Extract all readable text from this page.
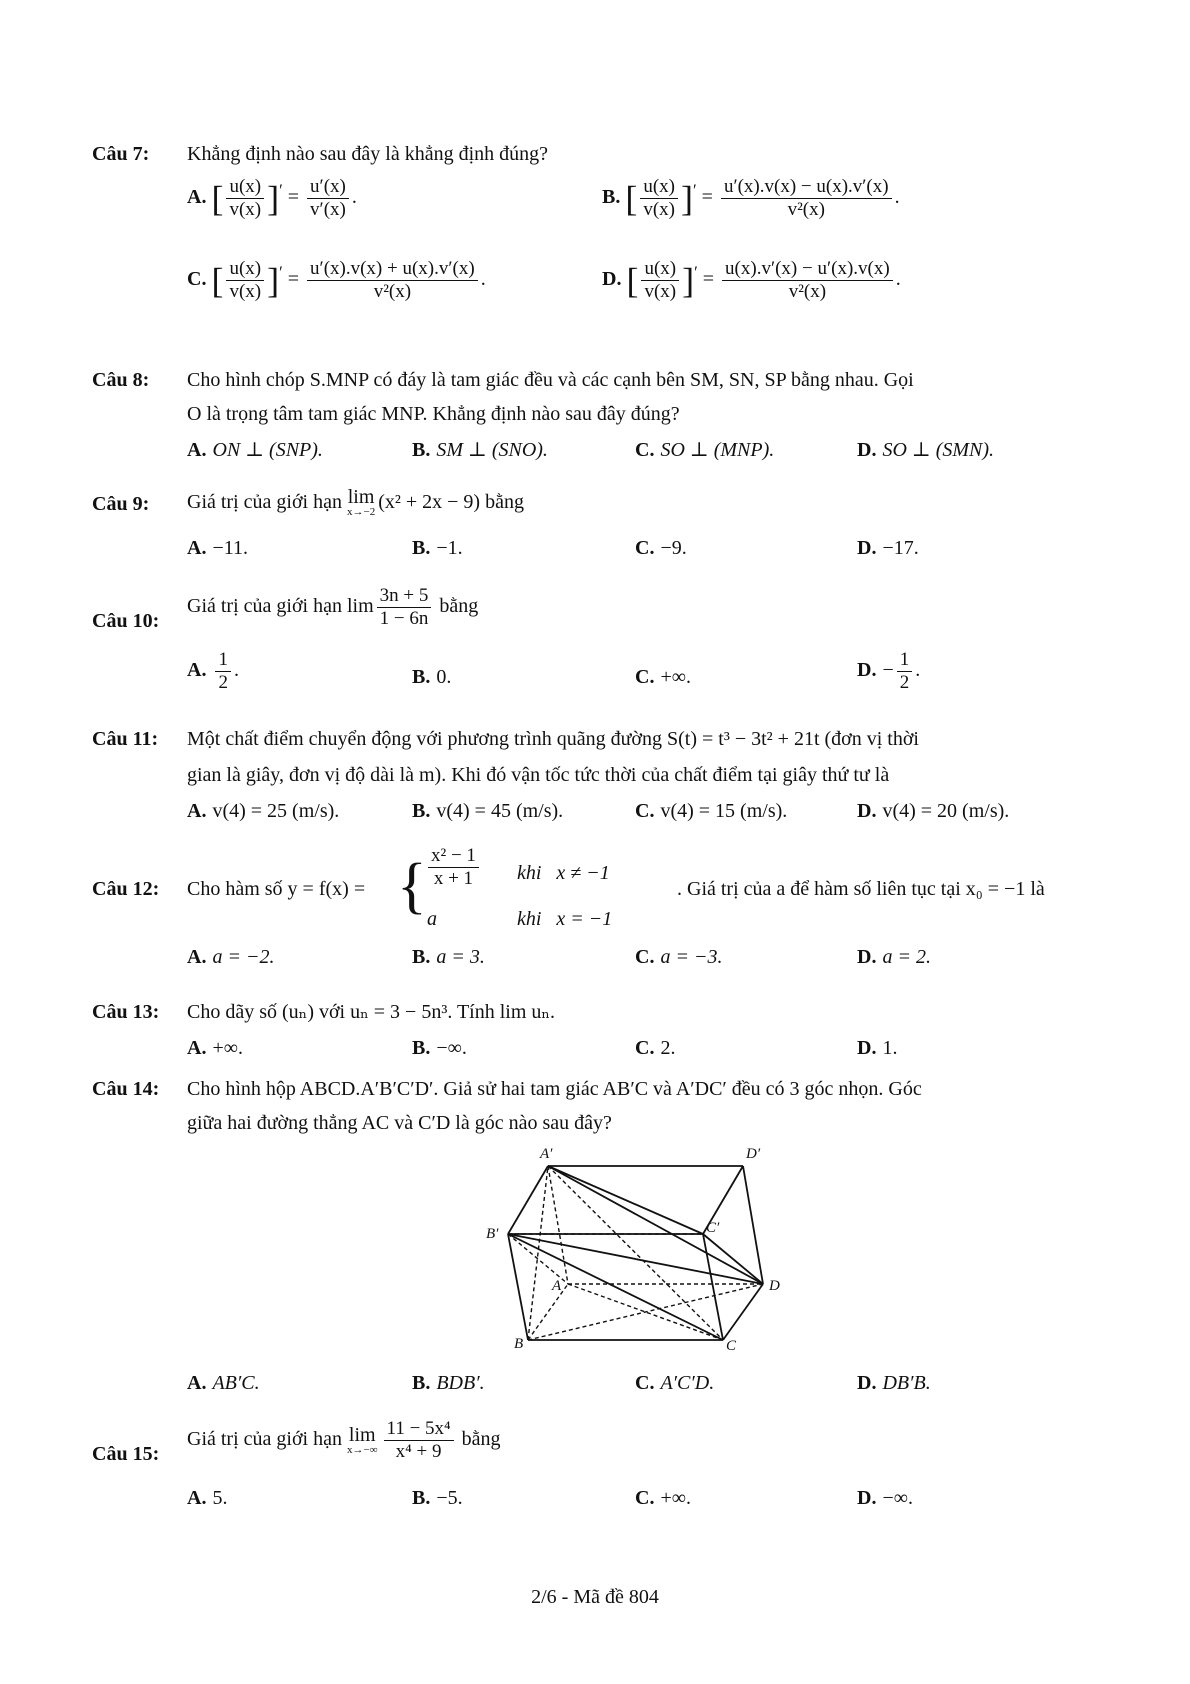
Câu 7: Khẳng định nào sau đây là khẳng định đúng?
A. [ $\frac{u(x)}{v(x)} ]' = \frac{u'(x)}{v'(x)}$ .	B. [ $\frac{u(x)}{v(x)} ]' = \frac{u'(x).v(x) - u(x).v'(x)}{\text{v²(x)}}$ .
C. [ $\frac{u(x)}{v(x)} ]' = \frac{u'(x).v(x) + u(x).v'(x)}{\text{v²(x)}}$ .	D. [ $\frac{u(x)}{v(x)} ]' = \frac{u(x).v'(x) - u'(x).v(x)}{\text{v²(x)}}$ .
Câu 8: Cho hình chóp S.MNP có đáy là tam giác đều và các cạnh bên SM, SN, SP bằng nhau. Gọi
O là trọng tâm tam giác MNP. Khẳng định nào sau đây đúng?
A. ON ⊥ (SNP).	B. SM ⊥ (SNO).	C. SO ⊥ (MNP).	D. SO ⊥ (SMN).
Câu 9: Giá trị của giới hạn lim
x→−2 (x² + 2x − 9) bằng
A. −11.	B. −1.	C. −9.	D. −17.
Câu 10:
Giá trị của giới hạn $\lim \frac{3n + 5}{1 - 6n}$ bằng
A. $\frac{1}{2}$ .	B. 0.	C. +∞.	D. − $\frac{1}{2}$ .
Câu 11: Một chất điểm chuyển động với phương trình quãng đường S(t) = t³ − 3t² + 21t (đơn vị thời
gian là giây, đơn vị độ dài là m). Khi đó vận tốc tức thời của chất điểm tại giây thứ tư là
A. v(4) = 25 (m/s).	B. v(4) = 45 (m/s).	C. v(4) = 15 (m/s).	D. v(4) = 20 (m/s).
Câu 12: Cho hàm số y = f(x) = { $\frac{\text{x² − 1}}{x + 1}$ khi   x ≠ −1
a	khi   x = −1
. Giá trị của a để hàm số liên tục tại x₀ = −1 là
A. a = −2.	B. a = 3.	C. a = −3.	D. a = 2.
Câu 13: Cho dãy số (uₙ) với uₙ = 3 − 5n³. Tính lim uₙ.
A. +∞.	B. −∞.	C. 2.	D. 1.
Câu 14: Cho hình hộp ABCD.A′B′C′D′. Giả sử hai tam giác AB′C và A′DC′ đều có 3 góc nhọn. Góc
giữa hai đường thẳng AC và C′D là góc nào sau đây?
A′	D′
B′	C′
A	D
B	C
A. AB′C.	B. BDB′.	C. A′C′D.	D. DB′B.
Câu 15:
Giá trị của giới hạn lim
$x\to-\infty \frac{\text{11 − 5x⁴}}{\text{x⁴ + 9}}$ bằng
A. 5.	B. −5.	C. +∞.	D. −∞.
2/6 - Mã đề 804
